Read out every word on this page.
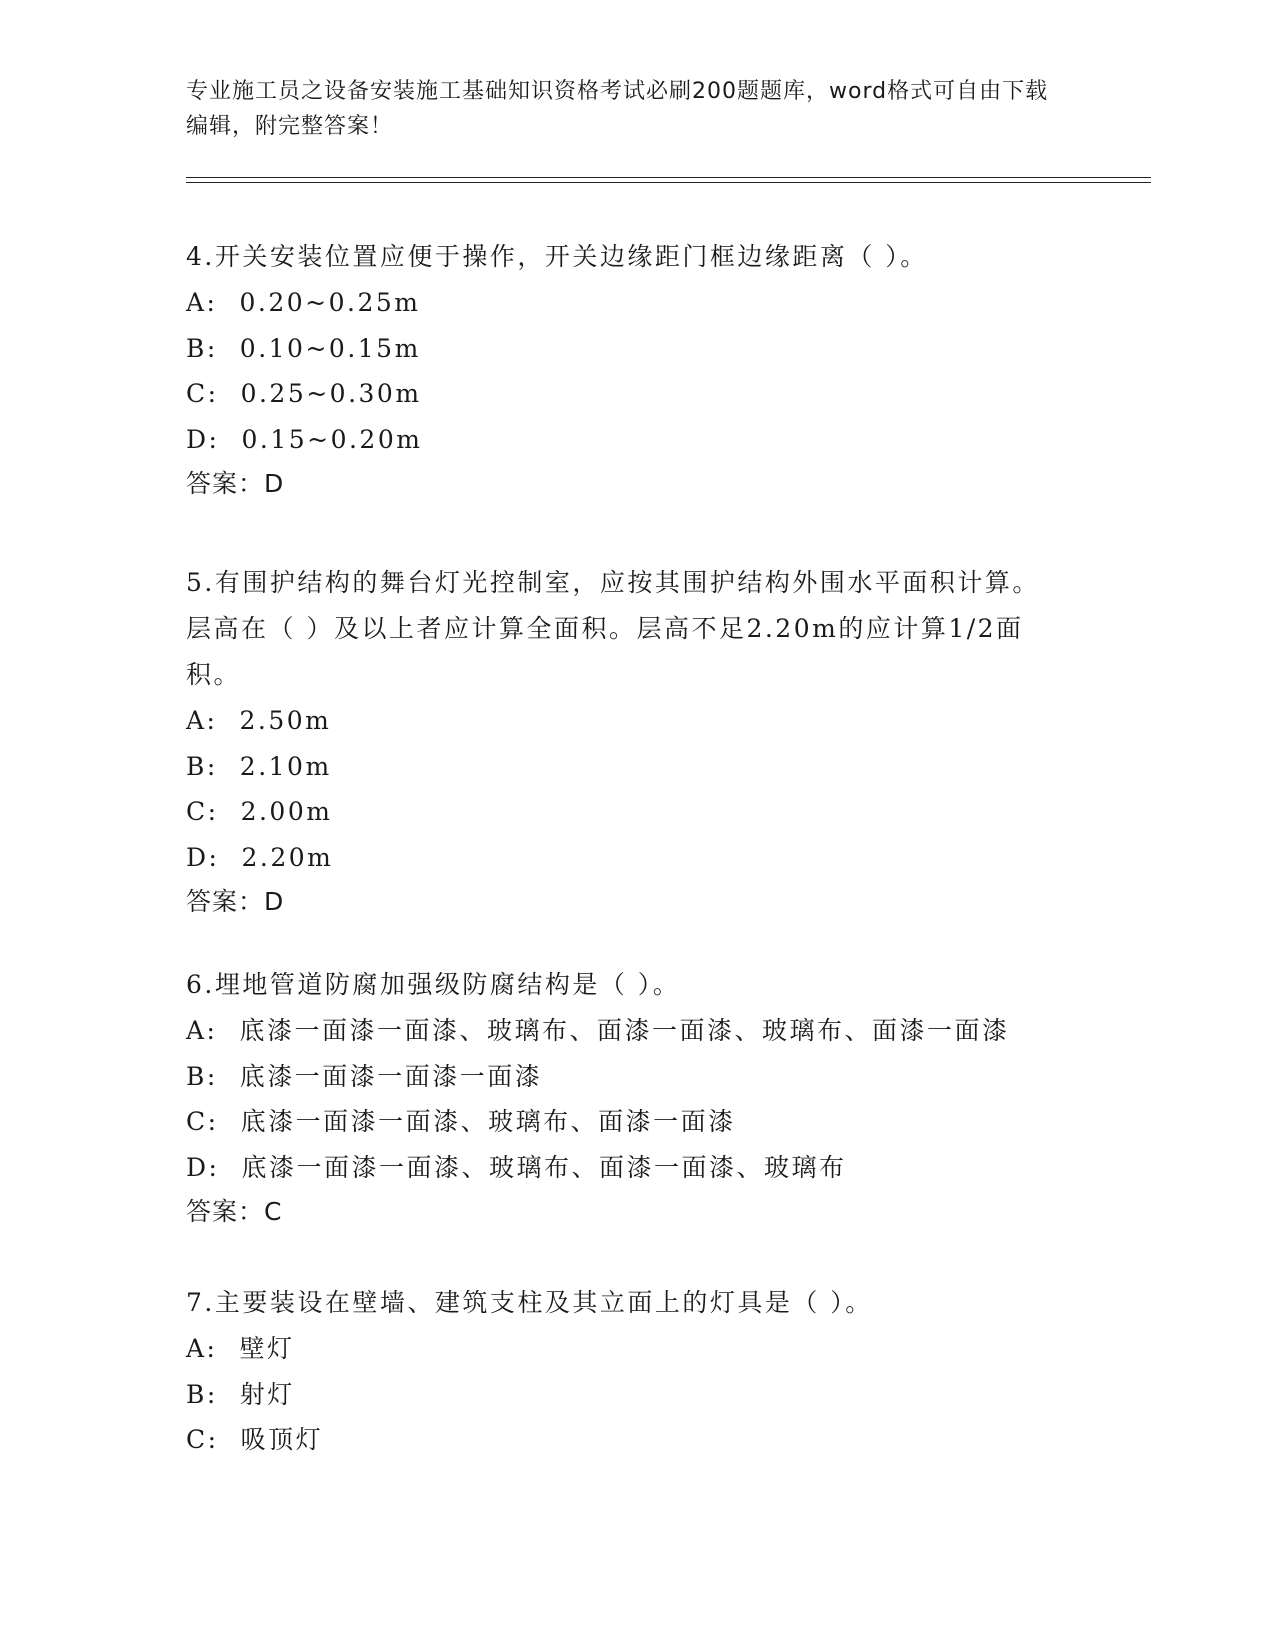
专业施工员之设备安装施工基础知识资格考试必刷200题题库，word格式可自由下载编辑，附完整答案！

4.开关安装位置应便于操作，开关边缘距门框边缘距离（ ）。

A: 0.20~0.25m

B: 0.10~0.15m

C: 0.25~0.30m

D: 0.15~0.20m

答案：D

5.有围护结构的舞台灯光控制室，应按其围护结构外围水平面积计算。层高在（ ）及以上者应计算全面积。层高不足2.20m的应计算1/2面积。

A: 2.50m

B: 2.10m

C: 2.00m

D: 2.20m

答案：D

6.埋地管道防腐加强级防腐结构是（ ）。

A: 底漆一面漆一面漆、玻璃布、面漆一面漆、玻璃布、面漆一面漆

B: 底漆一面漆一面漆一面漆

C: 底漆一面漆一面漆、玻璃布、面漆一面漆

D: 底漆一面漆一面漆、玻璃布、面漆一面漆、玻璃布

答案：C

7.主要装设在壁墙、建筑支柱及其立面上的灯具是（ ）。

A: 壁灯

B: 射灯

C: 吸顶灯
